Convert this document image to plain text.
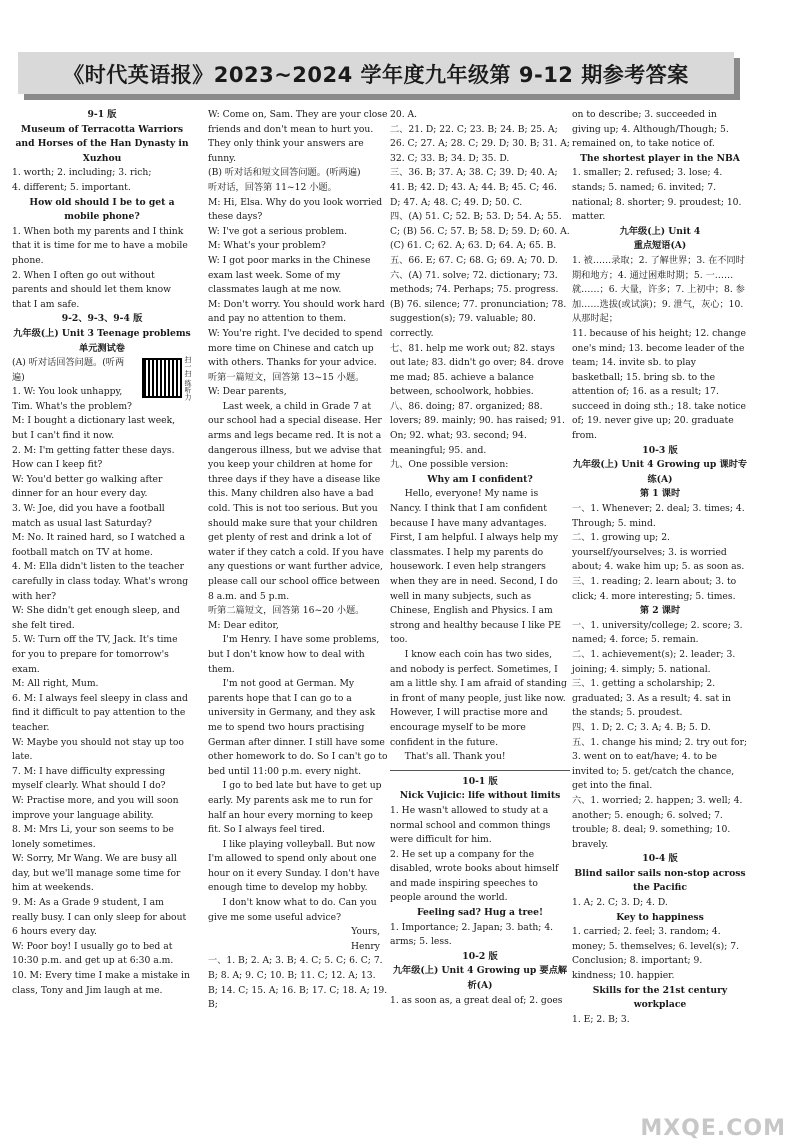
《时代英语报》2023~2024 学年度九年级第 9-12 期参考答案

9-1 版

Museum of Terracotta Warriors and Horses of the Han Dynasty in Xuzhou

1. worth; 2. including; 3. rich;

4. different; 5. important.

How old should I be to get a mobile phone?

1. When both my parents and I think that it is time for me to have a mobile phone.

2. When I often go out without parents and should let them know that I am safe.

9-2、9-3、9-4 版

九年级(上) Unit 3 Teenage problems 单元测试卷

扫一扫 练听力
(A) 听对话回答问题。(听两遍)

1. W: You look unhappy, Tim. What's the problem?

M: I bought a dictionary last week, but I can't find it now.

2. M: I'm getting fatter these days. How can I keep fit?

W: You'd better go walking after dinner for an hour every day.

3. W: Joe, did you have a football match as usual last Saturday?

M: No. It rained hard, so I watched a football match on TV at home.

4. M: Ella didn't listen to the teacher carefully in class today. What's wrong with her?

W: She didn't get enough sleep, and she felt tired.

5. W: Turn off the TV, Jack. It's time for you to prepare for tomorrow's exam.

M: All right, Mum.

6. M: I always feel sleepy in class and find it difficult to pay attention to the teacher.

W: Maybe you should not stay up too late.

7. M: I have difficulty expressing myself clearly. What should I do?

W: Practise more, and you will soon improve your language ability.

8. M: Mrs Li, your son seems to be lonely sometimes.

W: Sorry, Mr Wang. We are busy all day, but we'll manage some time for him at weekends.

9. M: As a Grade 9 student, I am really busy. I can only sleep for about 6 hours every day.

W: Poor boy! I usually go to bed at 10:30 p.m. and get up at 6:30 a.m.

10. M: Every time I make a mistake in class, Tony and Jim laugh at me.

W: Come on, Sam. They are your close friends and don't mean to hurt you. They only think your answers are funny.

(B) 听对话和短文回答问题。(听两遍)

听对话，回答第 11~12 小题。

M: Hi, Elsa. Why do you look worried these days?

W: I've got a serious problem.

M: What's your problem?

W: I got poor marks in the Chinese exam last week. Some of my classmates laugh at me now.

M: Don't worry. You should work hard and pay no attention to them.

W: You're right. I've decided to spend more time on Chinese and catch up with others. Thanks for your advice.

听第一篇短文，回答第 13~15 小题。

W: Dear parents,

Last week, a child in Grade 7 at our school had a special disease. Her arms and legs became red. It is not a dangerous illness, but we advise that you keep your children at home for three days if they have a disease like this. Many children also have a bad cold. This is not too serious. But you should make sure that your children get plenty of rest and drink a lot of water if they catch a cold. If you have any questions or want further advice, please call our school office between 8 a.m. and 5 p.m.

听第二篇短文，回答第 16~20 小题。

M: Dear editor,

I'm Henry. I have some problems, but I don't know how to deal with them.

I'm not good at German. My parents hope that I can go to a university in Germany, and they ask me to spend two hours practising German after dinner. I still have some other homework to do. So I can't go to bed until 11:00 p.m. every night.

I go to bed late but have to get up early. My parents ask me to run for half an hour every morning to keep fit. So I always feel tired.

I like playing volleyball. But now I'm allowed to spend only about one hour on it every Sunday. I don't have enough time to develop my hobby.

I don't know what to do. Can you give me some useful advice?

Yours,

Henry

一、1. B; 2. A; 3. B; 4. C; 5. C; 6. C; 7. B; 8. A; 9. C; 10. B; 11. C; 12. A; 13. B; 14. C; 15. A; 16. B; 17. C; 18. A; 19. B;

20. A.

二、21. D; 22. C; 23. B; 24. B; 25. A; 26. C; 27. A; 28. C; 29. D; 30. B; 31. A; 32. C; 33. B; 34. D; 35. D.

三、36. B; 37. A; 38. C; 39. D; 40. A; 41. B; 42. D; 43. A; 44. B; 45. C; 46. D; 47. A; 48. C; 49. D; 50. C.

四、(A) 51. C; 52. B; 53. D; 54. A; 55. C; (B) 56. C; 57. B; 58. D; 59. D; 60. A. (C) 61. C; 62. A; 63. D; 64. A; 65. B.

五、66. E; 67. C; 68. G; 69. A; 70. D.

六、(A) 71. solve; 72. dictionary; 73. methods; 74. Perhaps; 75. progress. (B) 76. silence; 77. pronunciation; 78. suggestion(s); 79. valuable; 80. correctly.

七、81. help me work out; 82. stays out late; 83. didn't go over; 84. drove me mad; 85. achieve a balance between, schoolwork, hobbies.

八、86. doing; 87. organized; 88. lovers; 89. mainly; 90. has raised; 91. On; 92. what; 93. second; 94. meaningful; 95. and.

九、One possible version:

Why am I confident?

Hello, everyone! My name is Nancy. I think that I am confident because I have many advantages. First, I am helpful. I always help my classmates. I help my parents do housework. I even help strangers when they are in need. Second, I do well in many subjects, such as Chinese, English and Physics. I am strong and healthy because I like PE too.

I know each coin has two sides, and nobody is perfect. Sometimes, I am a little shy. I am afraid of standing in front of many people, just like now. However, I will practise more and encourage myself to be more confident in the future.

That's all. Thank you!

10-1 版

Nick Vujicic: life without limits

1. He wasn't allowed to study at a normal school and common things were difficult for him.

2. He set up a company for the disabled, wrote books about himself and made inspiring speeches to people around the world.

Feeling sad? Hug a tree!

1. Importance; 2. Japan; 3. bath; 4. arms; 5. less.

10-2 版

九年级(上) Unit 4 Growing up 要点解析(A)

1. as soon as, a great deal of; 2. goes

on to describe; 3. succeeded in giving up; 4. Although/Though; 5. remained on, to take notice of.

The shortest player in the NBA

1. smaller; 2. refused; 3. lose; 4. stands; 5. named; 6. invited; 7. national; 8. shorter; 9. proudest; 10. matter.

九年级(上) Unit 4

重点短语(A)

1. 被……录取；2. 了解世界；3. 在不同时期和地方；4. 通过困难时期；5. 一……就……；6. 大量，许多；7. 上初中；8. 参加……选拔(或试演)；9. 泄气，灰心；10. 从那时起；

11. because of his height; 12. change one's mind; 13. become leader of the team; 14. invite sb. to play basketball; 15. bring sb. to the attention of; 16. as a result; 17. succeed in doing sth.; 18. take notice of; 19. never give up; 20. graduate from.

10-3 版

九年级(上) Unit 4 Growing up 课时专练(A)

第 1 课时

一、1. Whenever; 2. deal; 3. times; 4. Through; 5. mind.

二、1. growing up; 2. yourself/yourselves; 3. is worried about; 4. wake him up; 5. as soon as.

三、1. reading; 2. learn about; 3. to click; 4. more interesting; 5. times.

第 2 课时

一、1. university/college; 2. score; 3. named; 4. force; 5. remain.

二、1. achievement(s); 2. leader; 3. joining; 4. simply; 5. national.

三、1. getting a scholarship; 2. graduated; 3. As a result; 4. sat in the stands; 5. proudest.

四、1. D; 2. C; 3. A; 4. B; 5. D.

五、1. change his mind; 2. try out for; 3. went on to eat/have; 4. to be invited to; 5. get/catch the chance, get into the final.

六、1. worried; 2. happen; 3. well; 4. another; 5. enough; 6. solved; 7. trouble; 8. deal; 9. something; 10. bravely.

10-4 版

Blind sailor sails non-stop across the Pacific

1. A; 2. C; 3. D; 4. D.

Key to happiness

1. carried; 2. feel; 3. random; 4. money; 5. themselves; 6. level(s); 7. Conclusion; 8. important; 9. kindness; 10. happier.

Skills for the 21st century workplace

1. E; 2. B; 3.

MXQE.COM
